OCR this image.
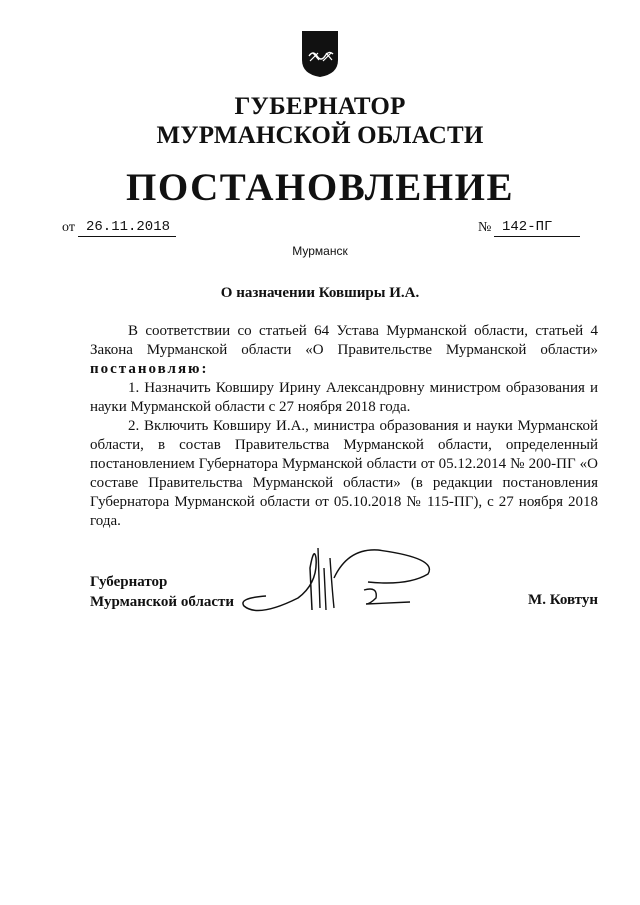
ГУБЕРНАТОР
МУРМАНСКОЙ ОБЛАСТИ
ПОСТАНОВЛЕНИЕ
от 26.11.2018	№ 142-ПГ
Мурманск
О назначении Ковширы И.А.

В соответствии со статьей 64 Устава Мурманской области, статьей 4 Закона Мурманской области «О Правительстве Мурманской области» постановляю:

1. Назначить Ковширу Ирину Александровну министром образования и науки Мурманской области с 27 ноября 2018 года.

2. Включить Ковширу И.А., министра образования и науки Мурманской области, в состав Правительства Мурманской области, определенный постановлением Губернатора Мурманской области от 05.12.2014 № 200-ПГ «О составе Правительства Мурманской области» (в редакции постановления Губернатора Мурманской области от 05.10.2018 № 115-ПГ), с 27 ноября 2018 года.

Губернатор
Мурманской области	М. Ковтун
